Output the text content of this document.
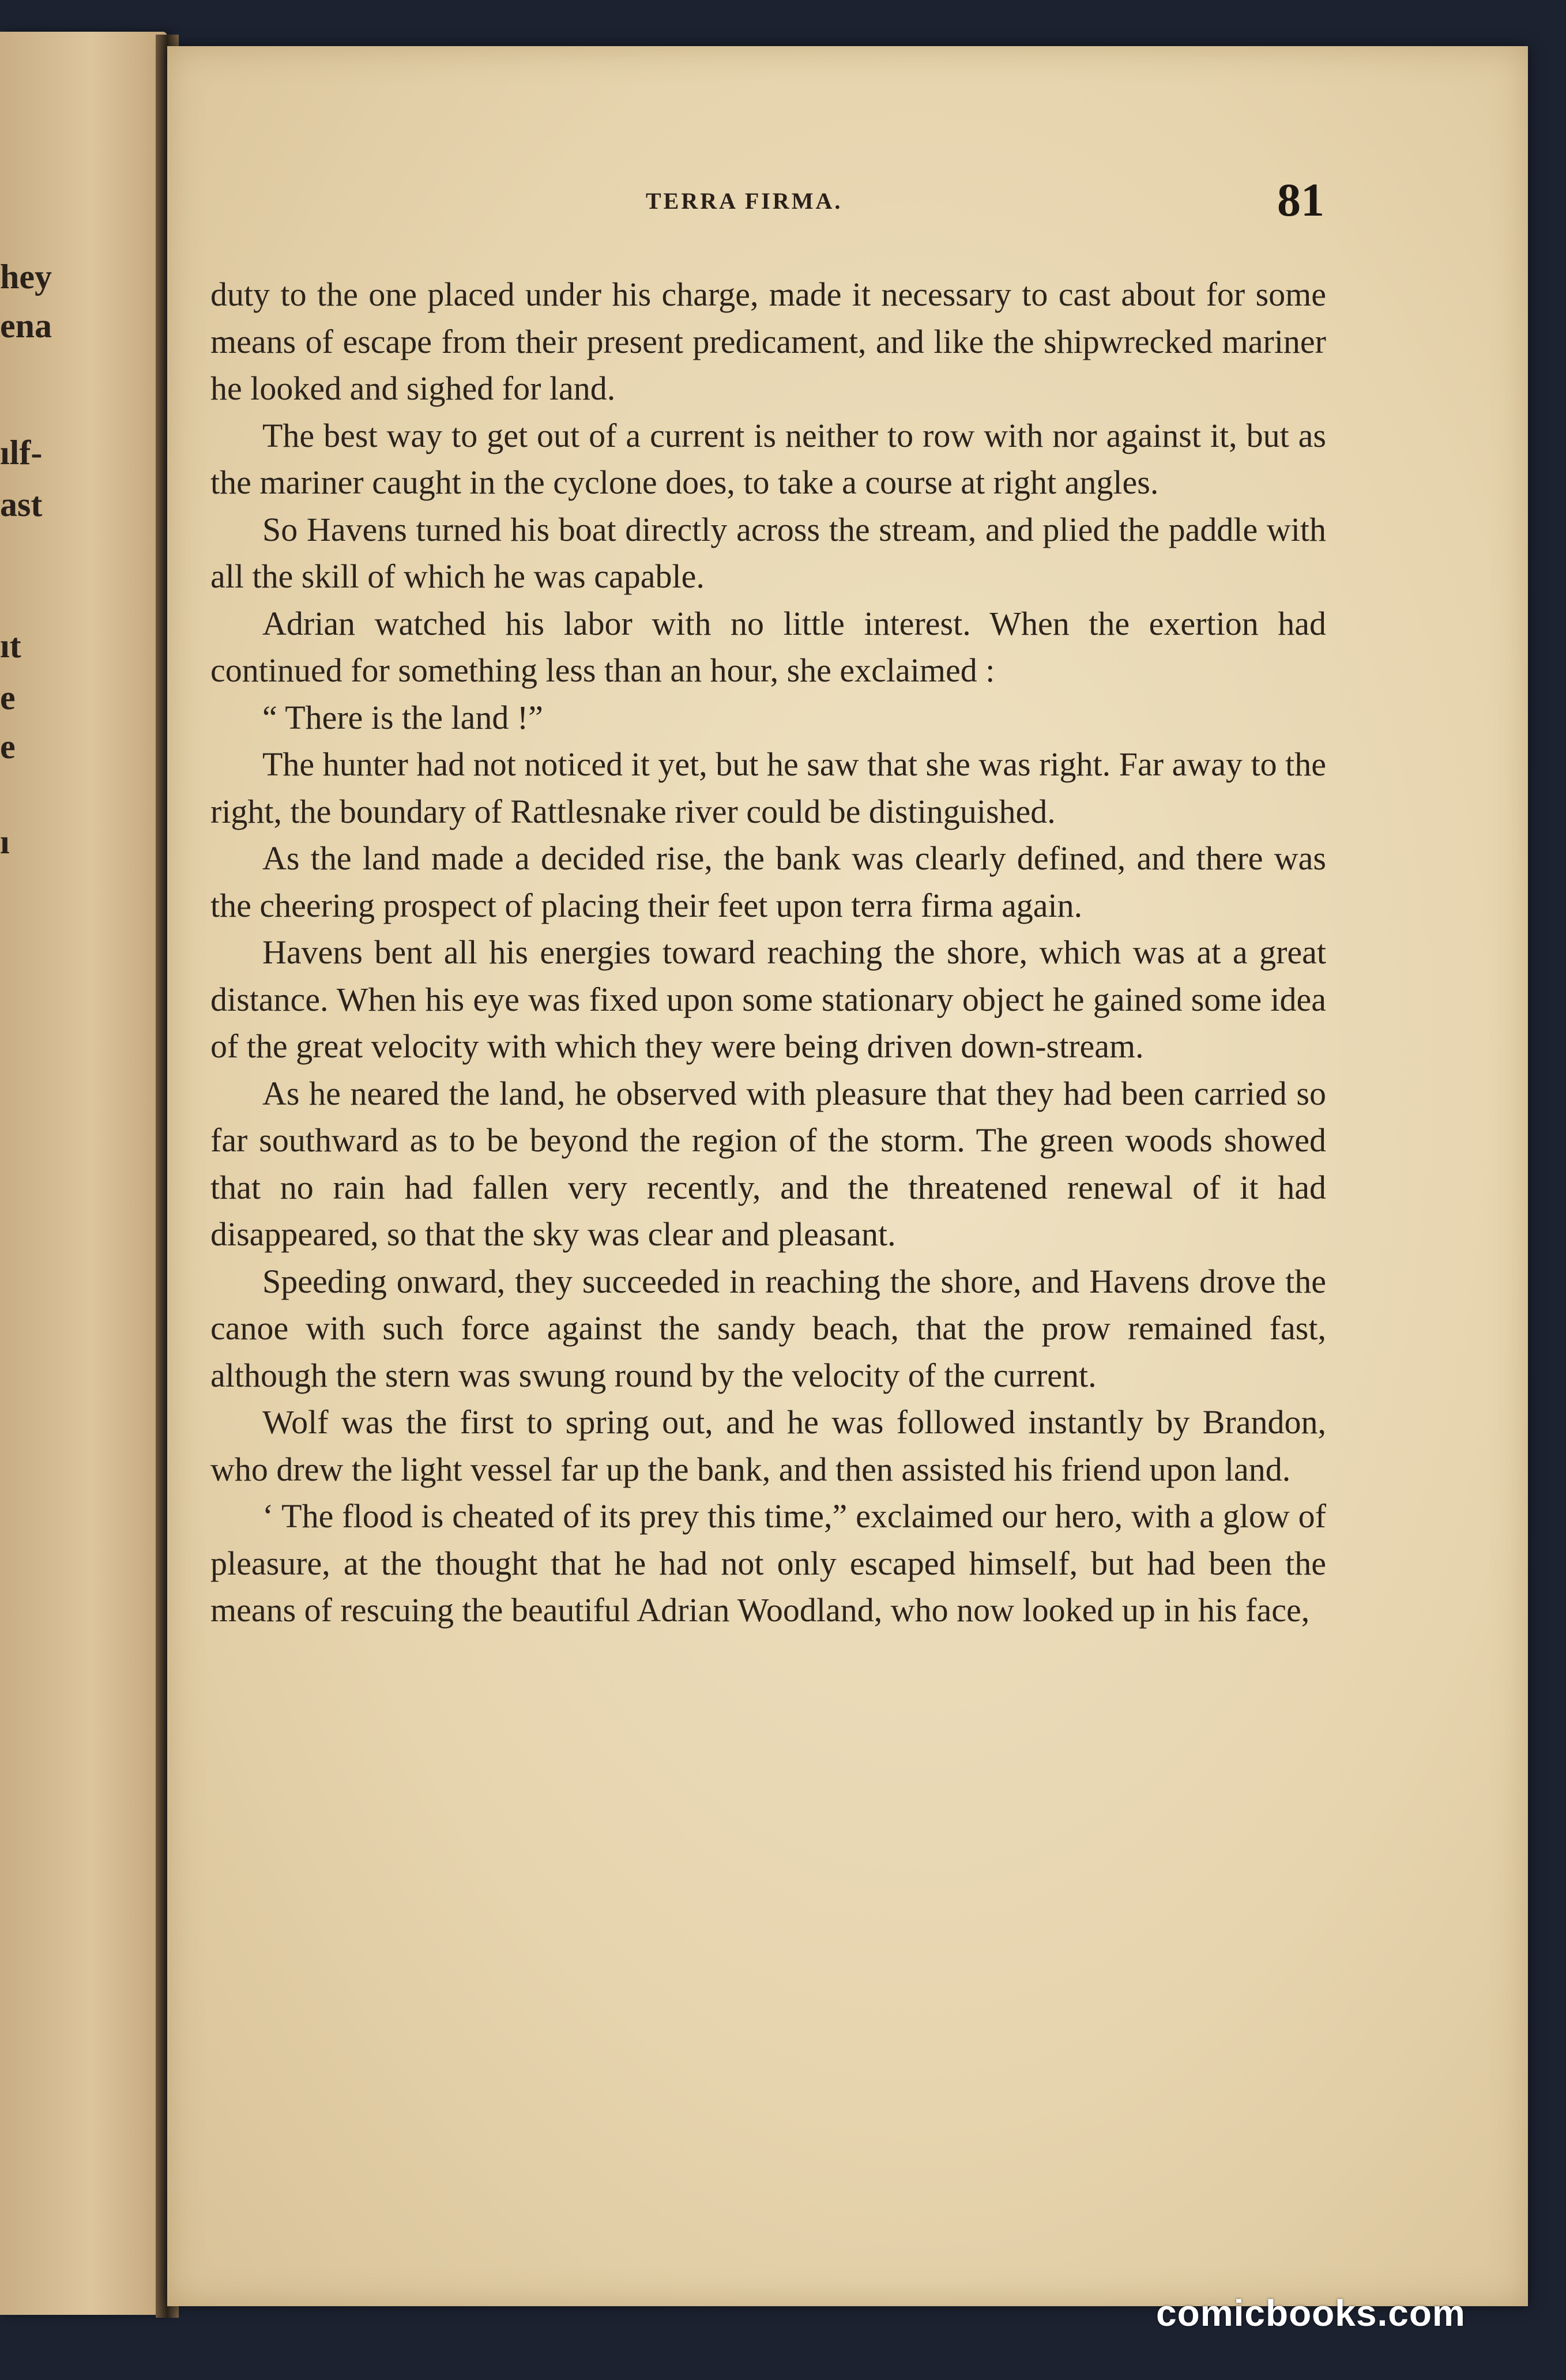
hey
ena
ılf-
ast
ıt
e
e
ı
TERRA FIRMA.	81

duty to the one placed under his charge, made it necessary to cast about for some means of escape from their present predicament, and like the shipwrecked mariner he looked and sighed for land.

The best way to get out of a current is neither to row with nor against it, but as the mariner caught in the cyclone does, to take a course at right angles.

So Havens turned his boat directly across the stream, and plied the paddle with all the skill of which he was capable.

Adrian watched his labor with no little interest. When the exertion had continued for something less than an hour, she exclaimed :

“ There is the land !”

The hunter had not noticed it yet, but he saw that she was right. Far away to the right, the boundary of Rattlesnake river could be distinguished.

As the land made a decided rise, the bank was clearly defined, and there was the cheering prospect of placing their feet upon terra firma again.

Havens bent all his energies toward reaching the shore, which was at a great distance. When his eye was fixed upon some stationary object he gained some idea of the great velocity with which they were being driven down-stream.

As he neared the land, he observed with pleasure that they had been carried so far southward as to be beyond the region of the storm. The green woods showed that no rain had fallen very recently, and the threatened renewal of it had disappeared, so that the sky was clear and pleasant.

Speeding onward, they succeeded in reaching the shore, and Havens drove the canoe with such force against the sandy beach, that the prow remained fast, although the stern was swung round by the velocity of the current.

Wolf was the first to spring out, and he was followed instantly by Brandon, who drew the light vessel far up the bank, and then assisted his friend upon land.

‘ The flood is cheated of its prey this time,” exclaimed our hero, with a glow of pleasure, at the thought that he had not only escaped himself, but had been the means of rescuing the beautiful Adrian Woodland, who now looked up in his face,

comicbooks.com
